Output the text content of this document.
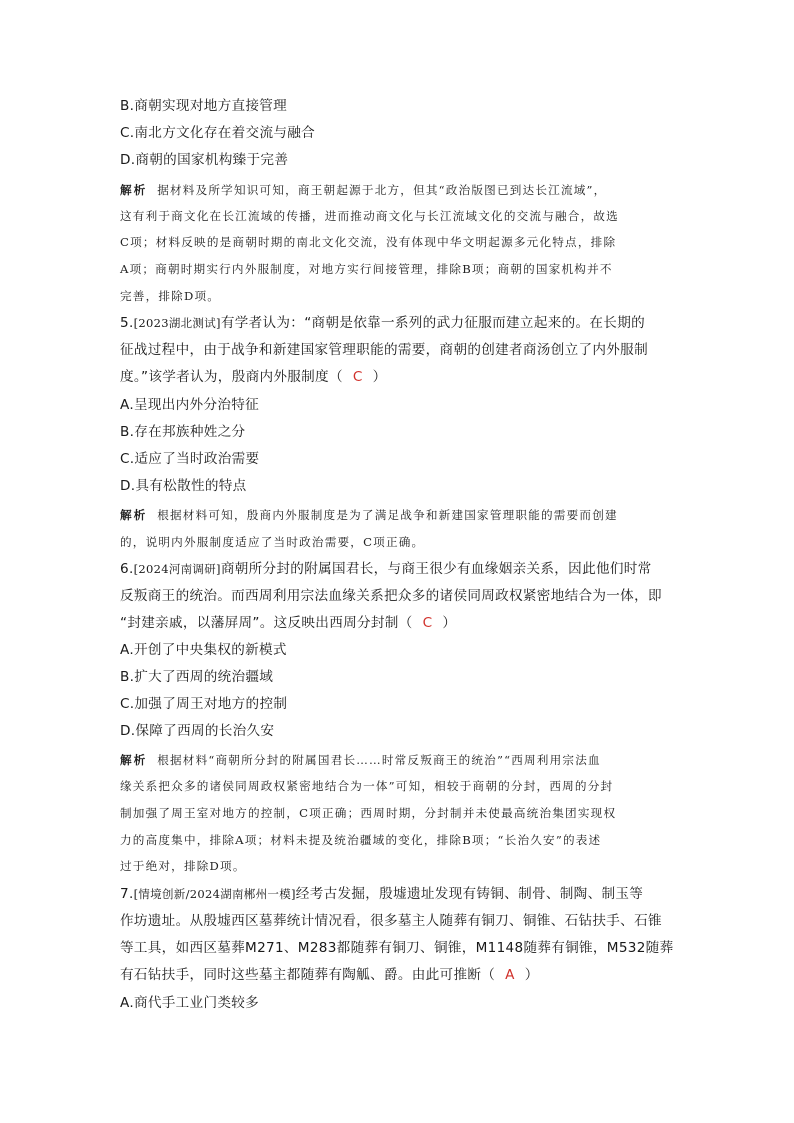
B.商朝实现对地方直接管理
C.南北方文化存在着交流与融合
D.商朝的国家机构臻于完善
解析 据材料及所学知识可知，商王朝起源于北方，但其“政治版图已到达长江流域”，
这有利于商文化在长江流域的传播，进而推动商文化与长江流域文化的交流与融合，故选
C项；材料反映的是商朝时期的南北文化交流，没有体现中华文明起源多元化特点，排除
A项；商朝时期实行内外服制度，对地方实行间接管理，排除B项；商朝的国家机构并不
完善，排除D项。
5.[2023湖北测试]有学者认为：“商朝是依靠一系列的武力征服而建立起来的。在长期的
征战过程中，由于战争和新建国家管理职能的需要，商朝的创建者商汤创立了内外服制
度。”该学者认为，殷商内外服制度（ C ）
A.呈现出内外分治特征
B.存在邦族种姓之分
C.适应了当时政治需要
D.具有松散性的特点
解析 根据材料可知，殷商内外服制度是为了满足战争和新建国家管理职能的需要而创建
的，说明内外服制度适应了当时政治需要，C项正确。
6.[2024河南调研]商朝所分封的附属国君长，与商王很少有血缘姻亲关系，因此他们时常
反叛商王的统治。而西周利用宗法血缘关系把众多的诸侯同周政权紧密地结合为一体，即
“封建亲戚，以藩屏周”。这反映出西周分封制（ C ）
A.开创了中央集权的新模式
B.扩大了西周的统治疆域
C.加强了周王对地方的控制
D.保障了西周的长治久安
解析 根据材料“商朝所分封的附属国君长……时常反叛商王的统治”“西周利用宗法血
缘关系把众多的诸侯同周政权紧密地结合为一体”可知，相较于商朝的分封，西周的分封
制加强了周王室对地方的控制，C项正确；西周时期，分封制并未使最高统治集团实现权
力的高度集中，排除A项；材料未提及统治疆域的变化，排除B项；“长治久安”的表述
过于绝对，排除D项。
7.[情境创新/2024湖南郴州一模]经考古发掘，殷墟遗址发现有铸铜、制骨、制陶、制玉等
作坊遗址。从殷墟西区墓葬统计情况看，很多墓主人随葬有铜刀、铜锥、石钻扶手、石锥
等工具，如西区墓葬M271、M283都随葬有铜刀、铜锥，M1148随葬有铜锥，M532随葬
有石钻扶手，同时这些墓主都随葬有陶觚、爵。由此可推断（ A ）
A.商代手工业门类较多
